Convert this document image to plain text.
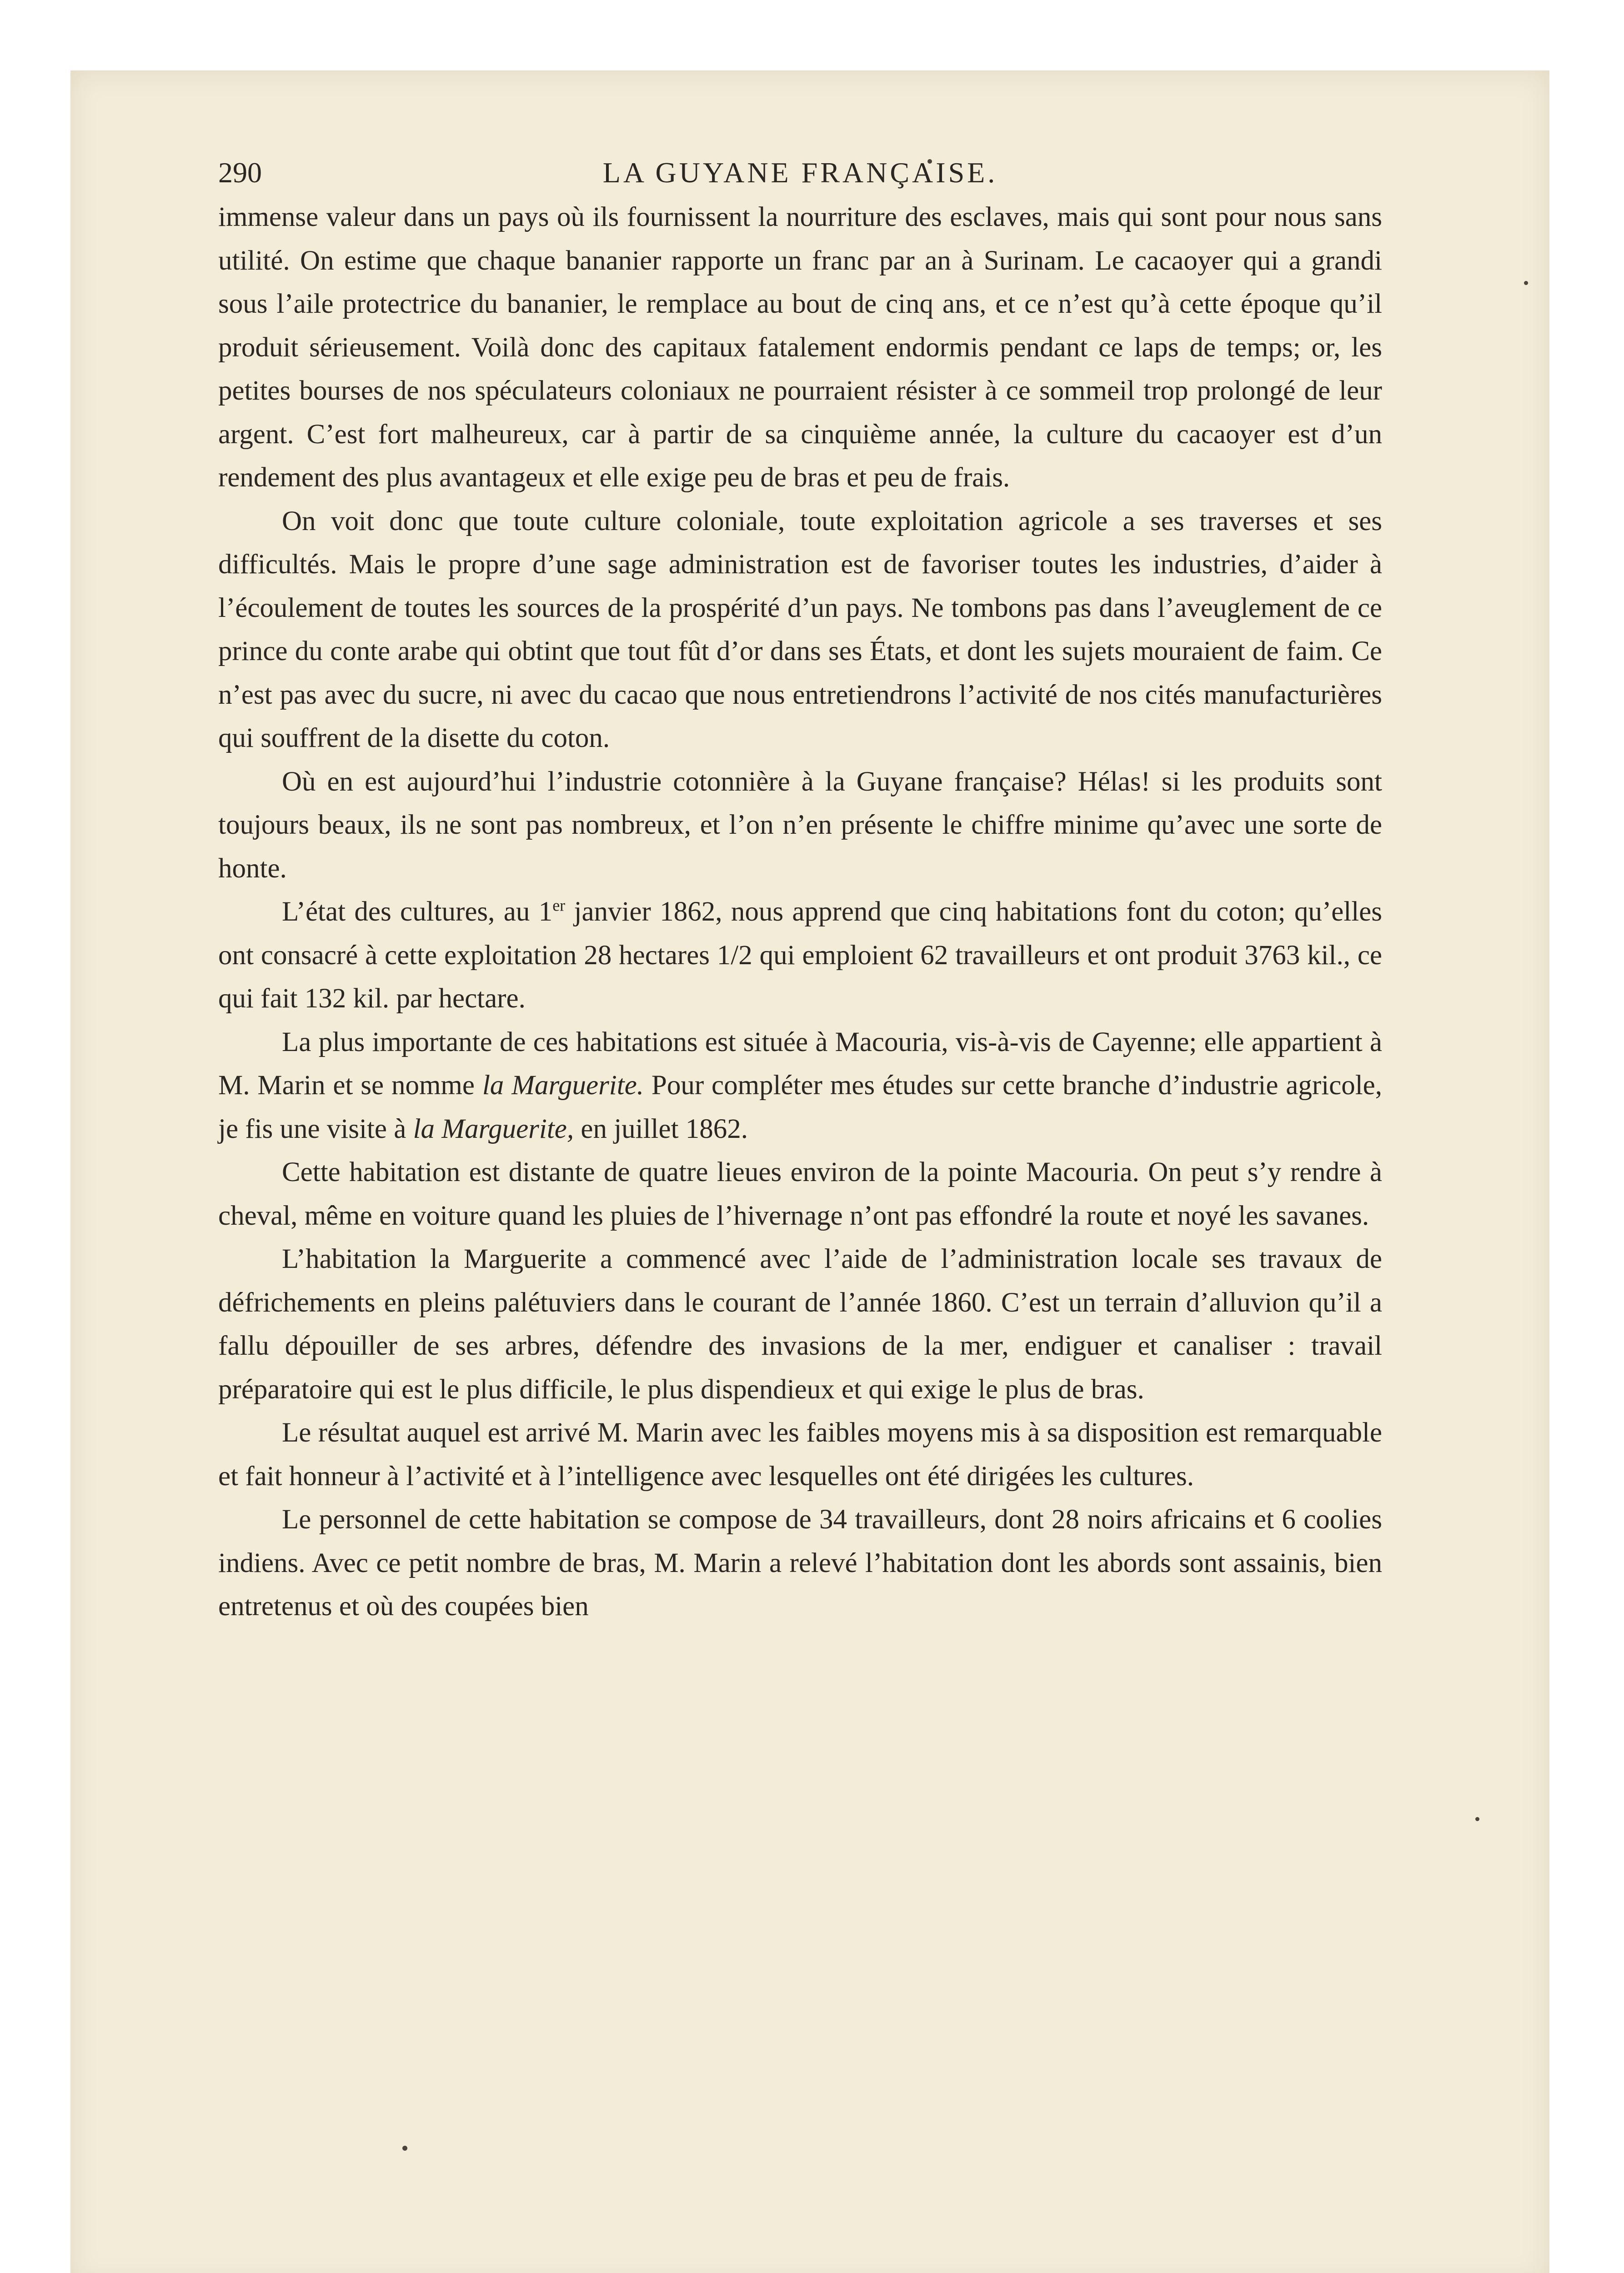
290	LA GUYANE FRANÇAISE.

immense valeur dans un pays où ils fournissent la nourriture des esclaves, mais qui sont pour nous sans utilité. On estime que chaque bananier rapporte un franc par an à Surinam. Le cacaoyer qui a grandi sous l’aile protectrice du bananier, le remplace au bout de cinq ans, et ce n’est qu’à cette époque qu’il produit sérieusement. Voilà donc des capitaux fatalement endormis pendant ce laps de temps; or, les petites bourses de nos spéculateurs coloniaux ne pourraient résister à ce sommeil trop prolongé de leur argent. C’est fort malheureux, car à partir de sa cinquième année, la culture du cacaoyer est d’un rendement des plus avantageux et elle exige peu de bras et peu de frais.

On voit donc que toute culture coloniale, toute exploitation agricole a ses traverses et ses difficultés. Mais le propre d’une sage administration est de favoriser toutes les industries, d’aider à l’écoulement de toutes les sources de la prospérité d’un pays. Ne tombons pas dans l’aveuglement de ce prince du conte arabe qui obtint que tout fût d’or dans ses États, et dont les sujets mouraient de faim. Ce n’est pas avec du sucre, ni avec du cacao que nous entretiendrons l’activité de nos cités manufacturières qui souffrent de la disette du coton.

Où en est aujourd’hui l’industrie cotonnière à la Guyane française? Hélas! si les produits sont toujours beaux, ils ne sont pas nombreux, et l’on n’en présente le chiffre minime qu’avec une sorte de honte.

L’état des cultures, au 1er janvier 1862, nous apprend que cinq habitations font du coton; qu’elles ont consacré à cette exploitation 28 hectares 1/2 qui emploient 62 travailleurs et ont produit 3763 kil., ce qui fait 132 kil. par hectare.

La plus importante de ces habitations est située à Macouria, vis-à-vis de Cayenne; elle appartient à M. Marin et se nomme la Marguerite. Pour compléter mes études sur cette branche d’industrie agricole, je fis une visite à la Marguerite, en juillet 1862.

Cette habitation est distante de quatre lieues environ de la pointe Macouria. On peut s’y rendre à cheval, même en voiture quand les pluies de l’hivernage n’ont pas effondré la route et noyé les savanes.

L’habitation la Marguerite a commencé avec l’aide de l’administration locale ses travaux de défrichements en pleins palétuviers dans le courant de l’année 1860. C’est un terrain d’alluvion qu’il a fallu dépouiller de ses arbres, défendre des invasions de la mer, endiguer et canaliser : travail préparatoire qui est le plus difficile, le plus dispendieux et qui exige le plus de bras.

Le résultat auquel est arrivé M. Marin avec les faibles moyens mis à sa disposition est remarquable et fait honneur à l’activité et à l’intelligence avec lesquelles ont été dirigées les cultures.

Le personnel de cette habitation se compose de 34 travailleurs, dont 28 noirs africains et 6 coolies indiens. Avec ce petit nombre de bras, M. Marin a relevé l’habitation dont les abords sont assainis, bien entretenus et où des coupées bien
